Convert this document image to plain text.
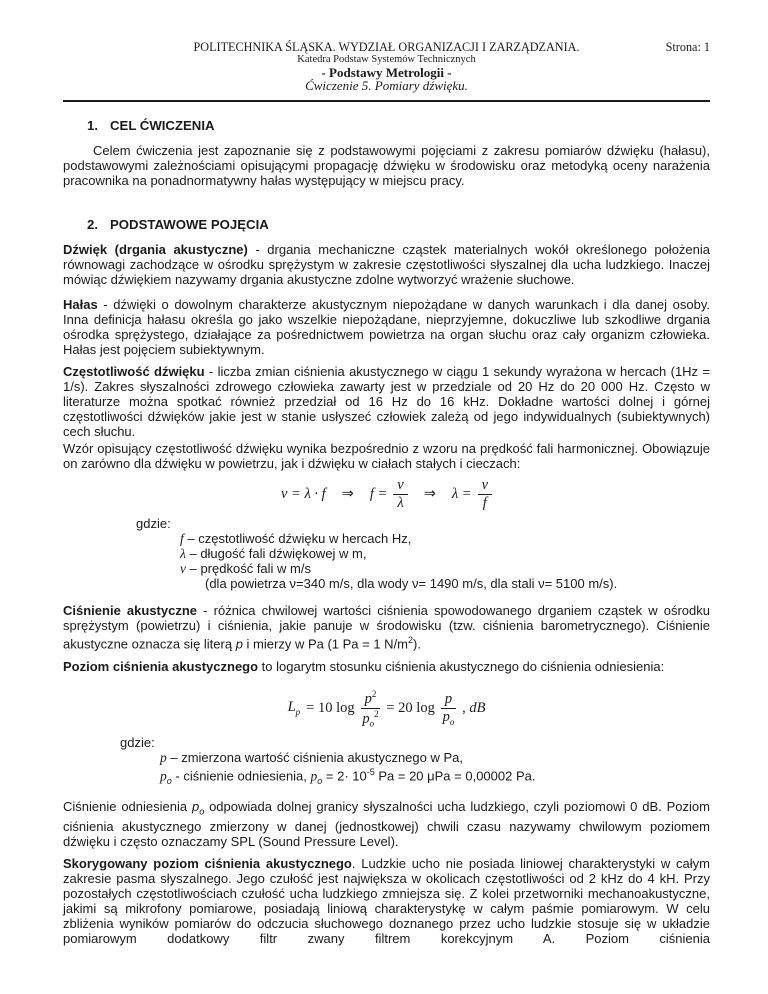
POLITECHNIKA ŚLĄSKA. WYDZIAŁ ORGANIZACJI I ZARZĄDZANIA.	Strona: 1
Katedra Podstaw Systemów Technicznych
- Podstawy Metrologii -
Ćwiczenie 5. Pomiary dźwięku.
1. CEL ĆWICZENIA

Celem ćwiczenia jest zapoznanie się z podstawowymi pojęciami z zakresu pomiarów dźwięku (hałasu), podstawowymi zależnościami opisującymi propagację dźwięku w środowisku oraz metodyką oceny narażenia pracownika na ponadnormatywny hałas występujący w miejscu pracy.

2. PODSTAWOWE POJĘCIA

Dźwięk (drgania akustyczne) - drgania mechaniczne cząstek materialnych wokół określonego położenia równowagi zachodzące w ośrodku sprężystym w zakresie częstotliwości słyszalnej dla ucha ludzkiego. Inaczej mówiąc dźwiękiem nazywamy drgania akustyczne zdolne wytworzyć wrażenie słuchowe.

Hałas - dźwięki o dowolnym charakterze akustycznym niepożądane w danych warunkach i dla danej osoby. Inna definicja hałasu określa go jako wszelkie niepożądane, nieprzyjemne, dokuczliwe lub szkodliwe drgania ośrodka sprężystego, działające za pośrednictwem powietrza na organ słuchu oraz cały organizm człowieka. Hałas jest pojęciem subiektywnym.

Częstotliwość dźwięku - liczba zmian ciśnienia akustycznego w ciągu 1 sekundy wyrażona w hercach (1Hz = 1/s). Zakres słyszalności zdrowego człowieka zawarty jest w przedziale od 20 Hz do 20 000 Hz. Często w literaturze można spotkać również przedział od 16 Hz do 16 kHz. Dokładne wartości dolnej i górnej częstotliwości dźwięków jakie jest w stanie usłyszeć człowiek zależą od jego indywidualnych (subiektywnych) cech słuchu.

Wzór opisujący częstotliwość dźwięku wynika bezpośrednio z wzoru na prędkość fali harmonicznej. Obowiązuje on zarówno dla dźwięku w powietrzu, jak i dźwięku w ciałach stałych i cieczach:

ν = λ · f ⇒ $f = \frac{\nu}{\lambda}$ ⇒ $\lambda = \frac{\nu}{f}$
gdzie:
f – częstotliwość dźwięku w hercach Hz,
λ – długość fali dźwiękowej w m,
ν – prędkość fali w m/s
(dla powietrza ν=340 m/s, dla wody ν= 1490 m/s, dla stali ν= 5100 m/s).

Ciśnienie akustyczne - różnica chwilowej wartości ciśnienia spowodowanego drganiem cząstek w ośrodku sprężystym (powietrzu) i ciśnienia, jakie panuje w środowisku (tzw. ciśnienia barometrycznego). Ciśnienie akustyczne oznacza się literą p i mierzy w Pa (1 Pa = 1 $N/m^2$).

Poziom ciśnienia akustycznego to logarytm stosunku ciśnienia akustycznego do ciśnienia odniesienia:

$L_p = 10$ $\log \frac{p^2}{p_o^2} = 20$ $\log \frac{p}{p_o}$ , dB
gdzie:
p – zmierzona wartość ciśnienia akustycznego w Pa,
$p_o$ - ciśnienie odniesienia, $p_o = 2\cdot 10^{-5}$ Pa = 20 μPa = 0,00002 Pa.

Ciśnienie odniesienia $p_o$ odpowiada dolnej granicy słyszalności ucha ludzkiego, czyli poziomowi 0 dB. Poziom ciśnienia akustycznego zmierzony w danej (jednostkowej) chwili czasu nazywamy chwilowym poziomem dźwięku i często oznaczamy SPL (Sound Pressure Level).

Skorygowany poziom ciśnienia akustycznego. Ludzkie ucho nie posiada liniowej charakterystyki w całym zakresie pasma słyszalnego. Jego czułość jest największa w okolicach częstotliwości od 2 kHz do 4 kH. Przy pozostałych częstotliwościach czułość ucha ludzkiego zmniejsza się. Z kolei przetworniki mechanoakustyczne, jakimi są mikrofony pomiarowe, posiadają liniową charakterystykę w całym paśmie pomiarowym. W celu zbliżenia wyników pomiarów do odczucia słuchowego doznanego przez ucho ludzkie stosuje się w układzie pomiarowym dodatkowy filtr zwany filtrem korekcyjnym A. Poziom ciśnienia
